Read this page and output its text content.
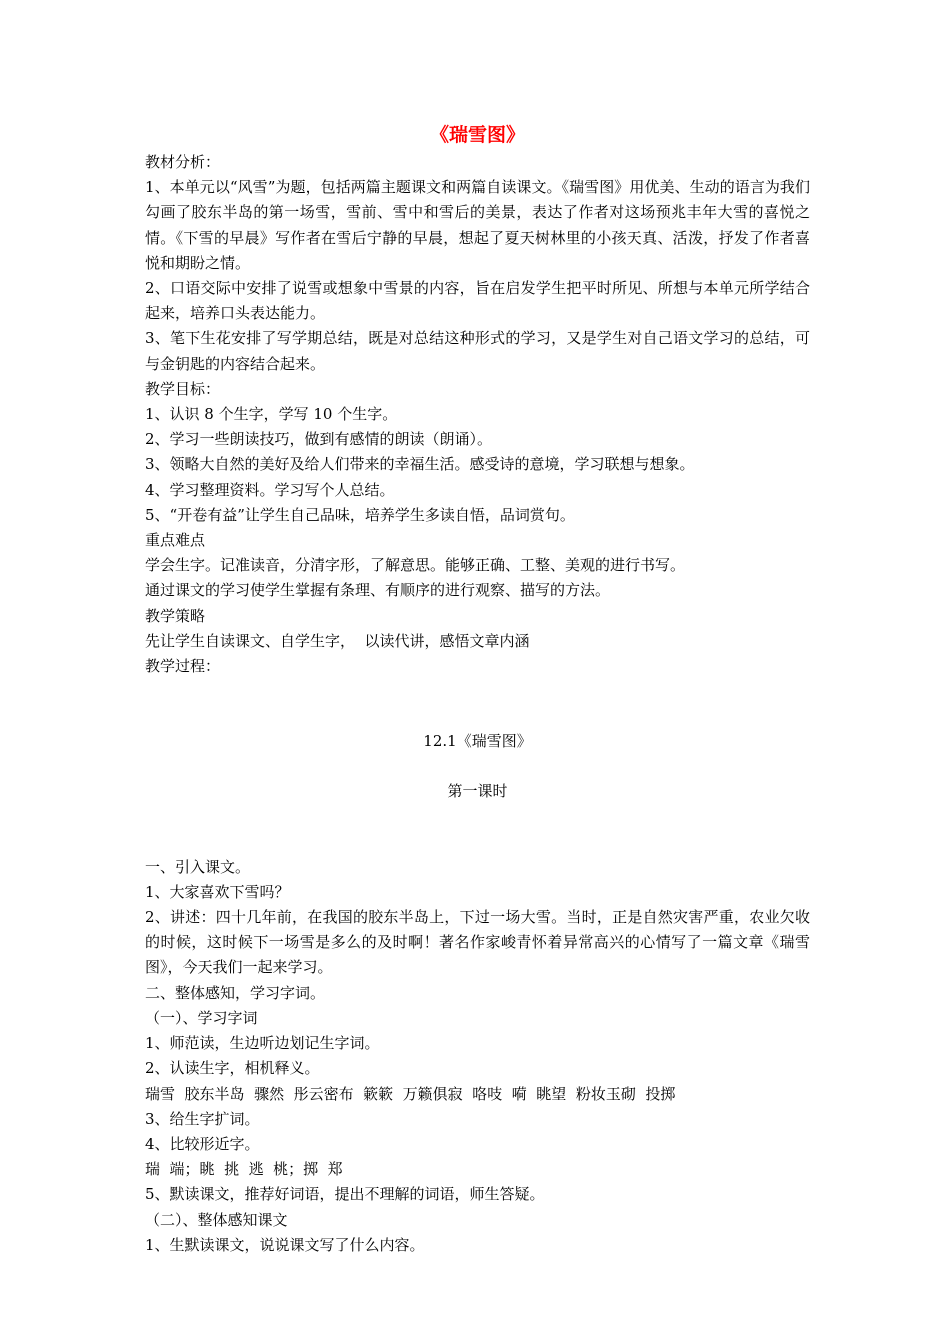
《瑞雪图》

教材分析：

1、本单元以“风雪”为题，包括两篇主题课文和两篇自读课文。《瑞雪图》用优美、生动的语言为我们勾画了胶东半岛的第一场雪，雪前、雪中和雪后的美景，表达了作者对这场预兆丰年大雪的喜悦之情。《下雪的早晨》写作者在雪后宁静的早晨，想起了夏天树林里的小孩天真、活泼，抒发了作者喜悦和期盼之情。

2、口语交际中安排了说雪或想象中雪景的内容，旨在启发学生把平时所见、所想与本单元所学结合起来，培养口头表达能力。

3、笔下生花安排了写学期总结，既是对总结这种形式的学习，又是学生对自己语文学习的总结，可与金钥匙的内容结合起来。

教学目标：

1、认识 8 个生字，学写 10 个生字。

2、学习一些朗读技巧，做到有感情的朗读（朗诵）。

3、领略大自然的美好及给人们带来的幸福生活。感受诗的意境，学习联想与想象。

4、学习整理资料。学习写个人总结。

5、“开卷有益”让学生自己品味，培养学生多读自悟，品词赏句。

重点难点

学会生字。记准读音，分清字形，了解意思。能够正确、工整、美观的进行书写。

通过课文的学习使学生掌握有条理、有顺序的进行观察、描写的方法。

教学策略

先让学生自读课文、自学生字，  以读代讲，感悟文章内涵

教学过程：

12.1《瑞雪图》

第一课时

一、引入课文。

1、大家喜欢下雪吗？

2、讲述：四十几年前，在我国的胶东半岛上，下过一场大雪。当时，正是自然灾害严重，农业欠收的时候，这时候下一场雪是多么的及时啊！著名作家峻青怀着异常高兴的心情写了一篇文章《瑞雪图》，今天我们一起来学习。

二、整体感知，学习字词。

（一）、学习字词

1、师范读，生边听边划记生字词。

2、认读生字，相机释义。

瑞雪  胶东半岛  骤然  彤云密布  簌簌  万籁俱寂  咯吱  嗬  眺望  粉妆玉砌  投掷

3、给生字扩词。

4、比较形近字。

瑞  端；眺  挑  逃  桃；掷  郑

5、默读课文，推荐好词语，提出不理解的词语，师生答疑。

（二）、整体感知课文

1、生默读课文，说说课文写了什么内容。
